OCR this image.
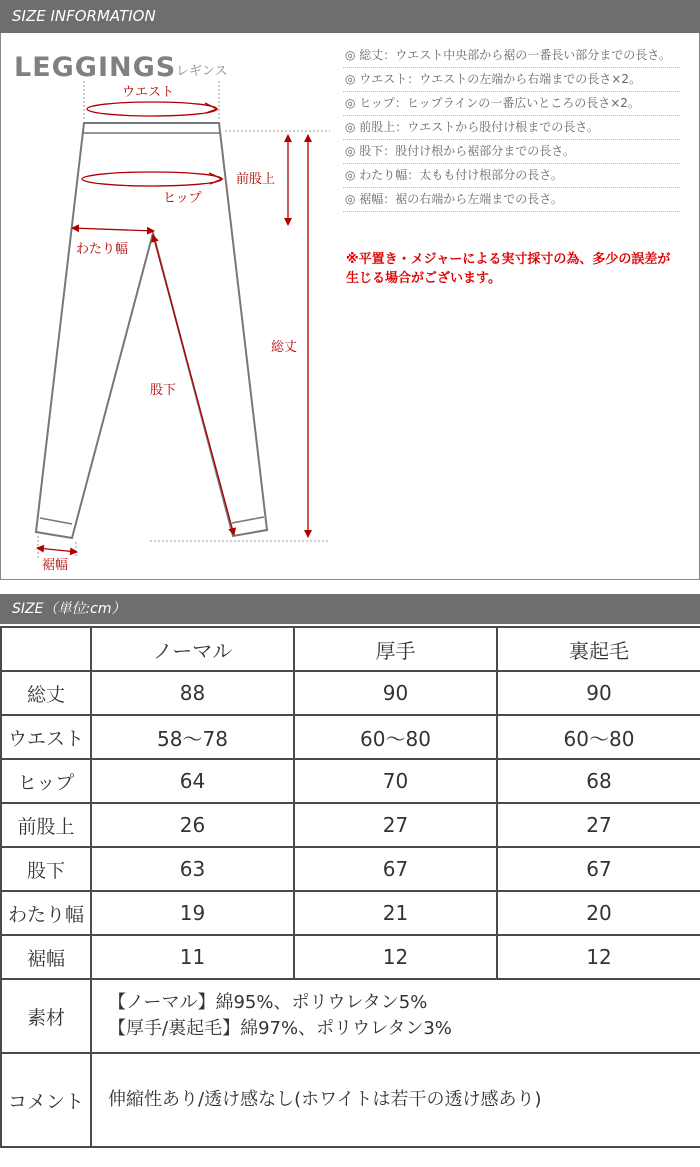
SIZE INFORMATION
LEGGINGS レギンス
ウエスト
ヒップ
前股上
わたり幅
総丈
股下
裾幅
◎ 総丈： ウエスト中央部から裾の一番長い部分までの長さ。
◎ ウエスト： ウエストの左端から右端までの長さ×2。
◎ ヒップ： ヒップラインの一番広いところの長さ×2。
◎ 前股上： ウエストから股付け根までの長さ。
◎ 股下： 股付け根から裾部分までの長さ。
◎ わたり幅： 太もも付け根部分の長さ。
◎ 裾幅： 裾の右端から左端までの長さ。
※平置き・メジャーによる実寸採寸の為、多少の誤差が生じる場合がございます。
SIZE（単位:cm）
	ノーマル	厚手	裏起毛
総丈	88	90	90
ウエスト	58〜78	60〜80	60〜80
ヒップ	64	70	68
前股上	26	27	27
股下	63	67	67
わたり幅	19	21	20
裾幅	11	12	12
素材	【ノーマル】綿95%、ポリウレタン5%
【厚手/裏起毛】綿97%、ポリウレタン3%		

コメント	伸縮性あり/透け感なし(ホワイトは若干の透け感あり)		
